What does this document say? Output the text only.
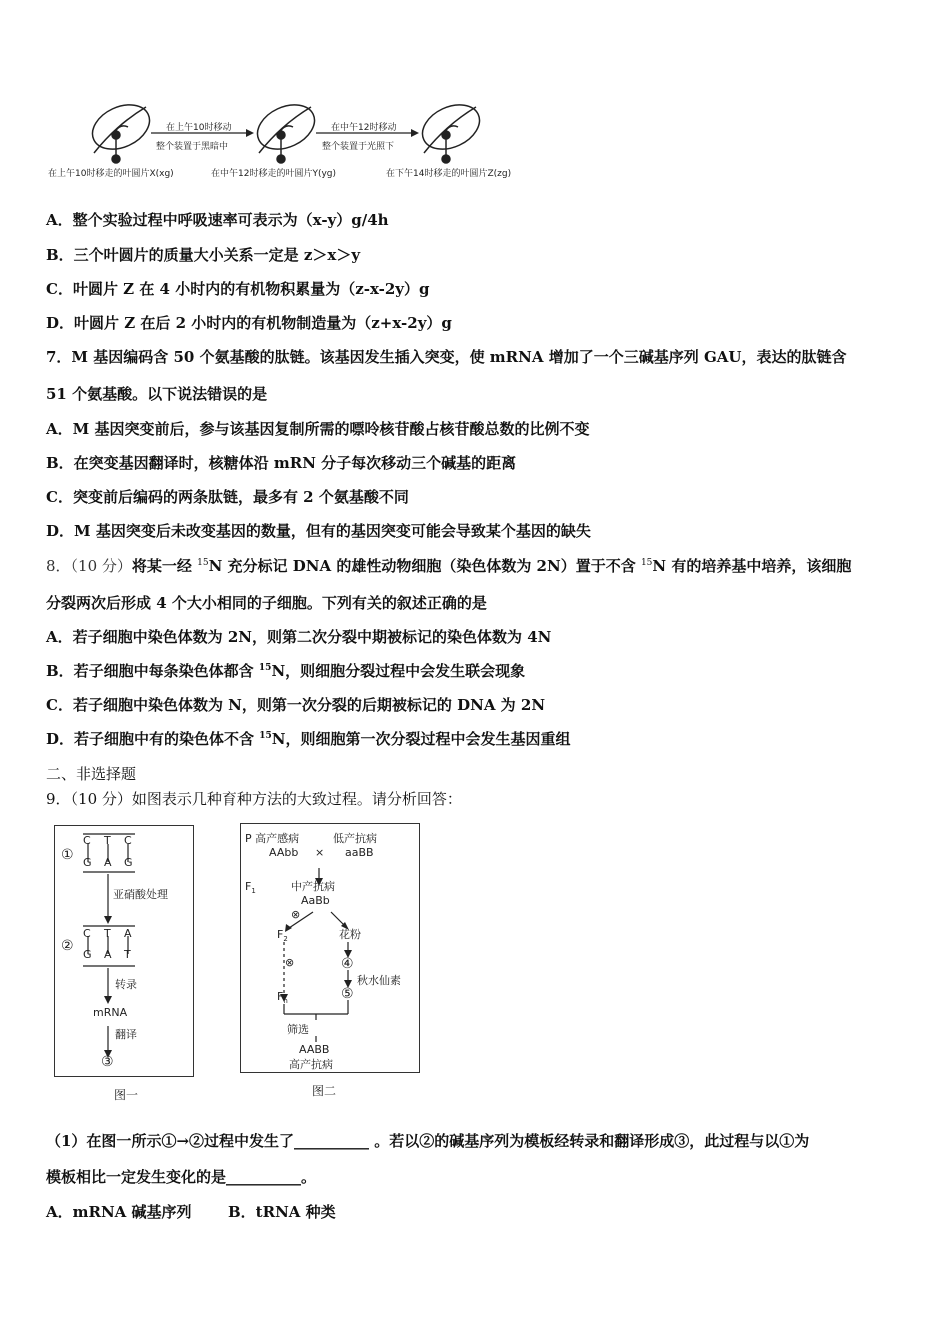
在上午10时移动
整个装置于黑暗中
在中午12时移动
整个装置于光照下
在上午10时移走的叶圆片X(xg)	在中午12时移走的叶圆片Y(yg)	在下午14时移走的叶圆片Z(zg)
A．整个实验过程中呼吸速率可表示为（x-y）g/4h
B．三个叶圆片的质量大小关系一定是 z＞x＞y
C．叶圆片 Z 在 4 小时内的有机物积累量为（z-x-2y）g
D．叶圆片 Z 在后 2 小时内的有机物制造量为（z+x-2y）g
7．M 基因编码含 50 个氨基酸的肽链。该基因发生插入突变，使 mRNA 增加了一个三碱基序列 GAU，表达的肽链含
51 个氨基酸。以下说法错误的是
A．M 基因突变前后，参与该基因复制所需的嘌呤核苷酸占核苷酸总数的比例不变
B．在突变基因翻译时，核糖体沿 mRN 分子每次移动三个碱基的距离
C．突变前后编码的两条肽链，最多有 2 个氨基酸不同
D．M 基因突变后未改变基因的数量，但有的基因突变可能会导致某个基因的缺失
8．（10 分）将某一经 $^{15}$N 充分标记 DNA 的雄性动物细胞（染色体数为 2N）置于不含 $^{15}$N 有的培养基中培养，该细胞
分裂两次后形成 4 个大小相同的子细胞。下列有关的叙述正确的是
A．若子细胞中染色体数为 2N，则第二次分裂中期被标记的染色体数为 4N
B．若子细胞中每条染色体都含 $^{15}$N，则细胞分裂过程中会发生联会现象
C．若子细胞中染色体数为 N，则第一次分裂的后期被标记的 DNA 为 2N
D．若子细胞中有的染色体不含 $^{15}$N，则细胞第一次分裂过程中会发生基因重组
二、非选择题
9．（10 分）如图表示几种育种方法的大致过程。请分析回答：
①
C T C
G A G
亚硝酸处理
②
C T A
G A T
转录
mRNA
翻译
③
图一
P 高产感病	低产抗病
AAbb × aaBB
$F_1$	中产抗病
AaBb
⊗
$F_2$	花粉
⊗	④
秋水仙素
$F_n$	⑤
筛选
AABB
高产抗病
图二
（1）在图一所示①→②过程中发生了__________ 。若以②的碱基序列为模板经转录和翻译形成③，此过程与以①为
模板相比一定发生变化的是__________。
A．mRNA 碱基序列 B．tRNA 种类
